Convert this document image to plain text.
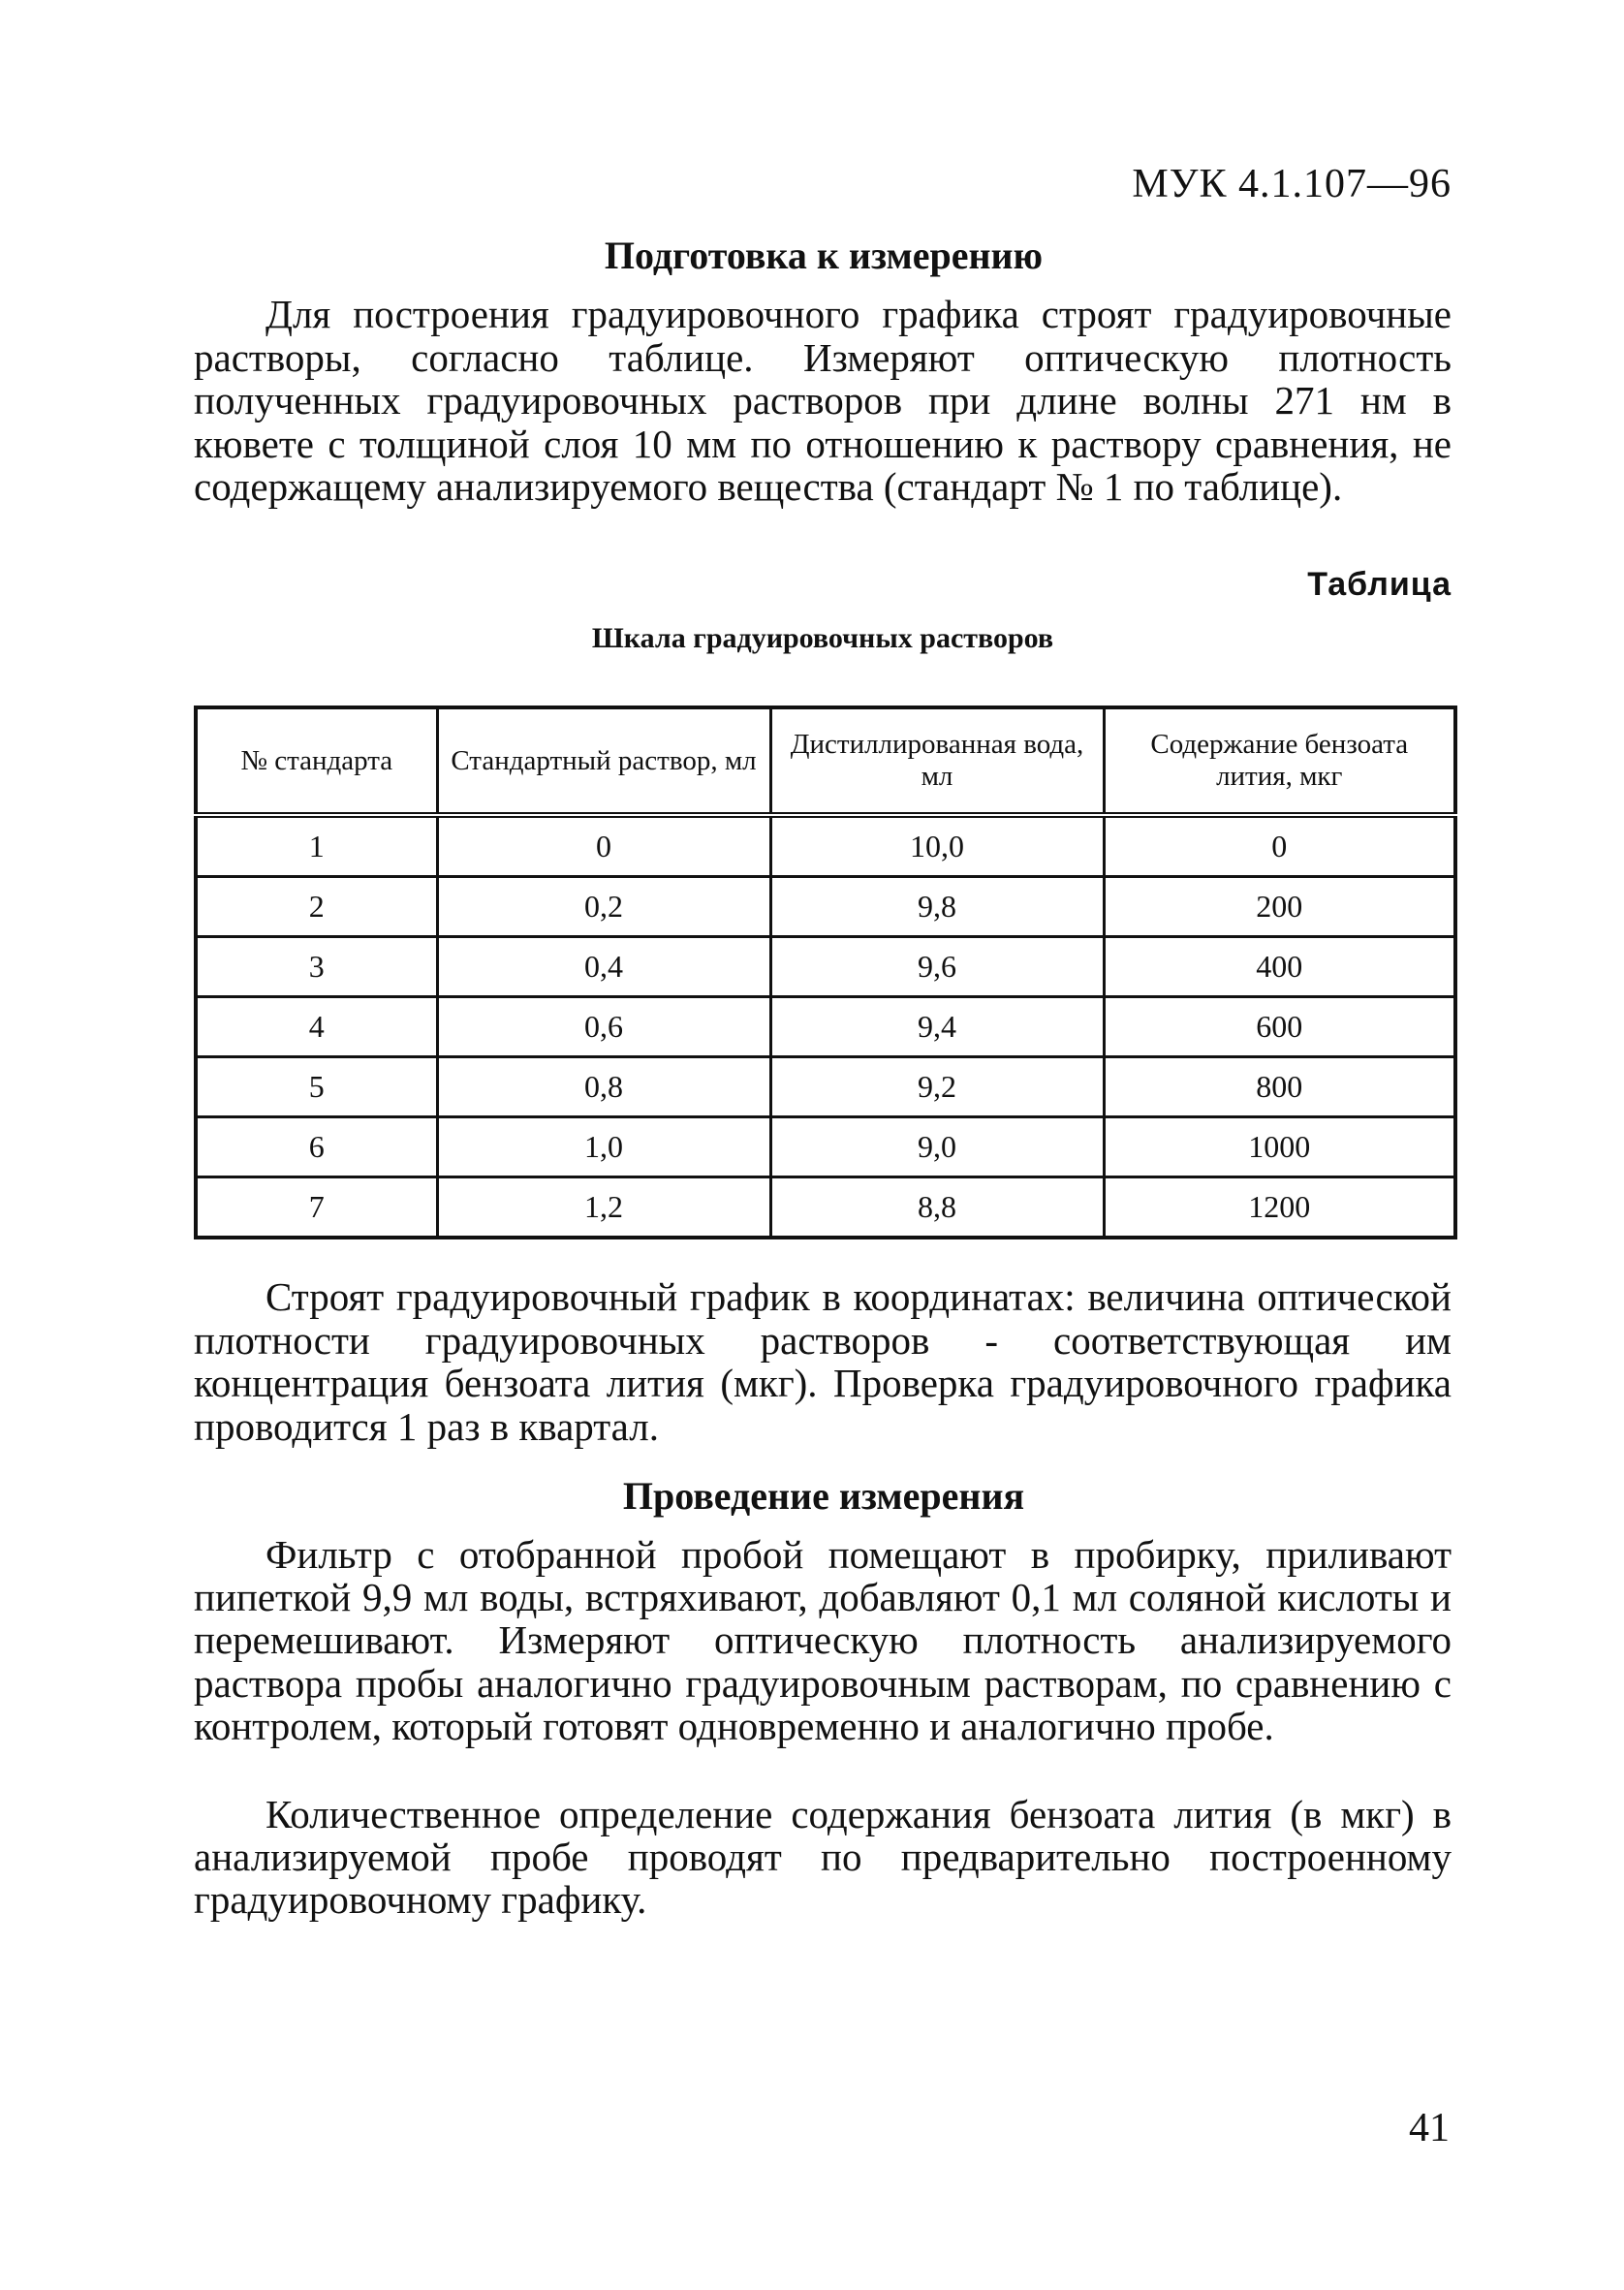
МУК 4.1.107—96
Подготовка к измерению

Для построения градуировочного графика строят градуировочные растворы, согласно таблице. Измеряют оптическую плотность полученных градуировочных растворов при длине волны 271 нм в кювете с толщиной слоя 10 мм по отношению к раствору сравнения, не содержащему анализируемого вещества (стандарт № 1 по таблице).

Таблица
Шкала градуировочных растворов
№ стандарта	Стандартный раствор, мл	Дистиллированная вода, мл	Содержание бензоата лития, мкг
1	0	10,0	0
2	0,2	9,8	200
3	0,4	9,6	400
4	0,6	9,4	600
5	0,8	9,2	800
6	1,0	9,0	1000
7	1,2	8,8	1200

Строят градуировочный график в координатах: величина оптической плотности градуировочных растворов - соответствующая им концентрация бензоата лития (мкг). Проверка градуировочного графика проводится 1 раз в квартал.

Проведение измерения

Фильтр с отобранной пробой помещают в пробирку, приливают пипеткой 9,9 мл воды, встряхивают, добавляют 0,1 мл соляной кислоты и перемешивают. Измеряют оптическую плотность анализируемого раствора пробы аналогично градуировочным растворам, по сравнению с контролем, который готовят одновременно и аналогично пробе.

Количественное определение содержания бензоата лития (в мкг) в анализируемой пробе проводят по предварительно построенному градуировочному графику.

41
